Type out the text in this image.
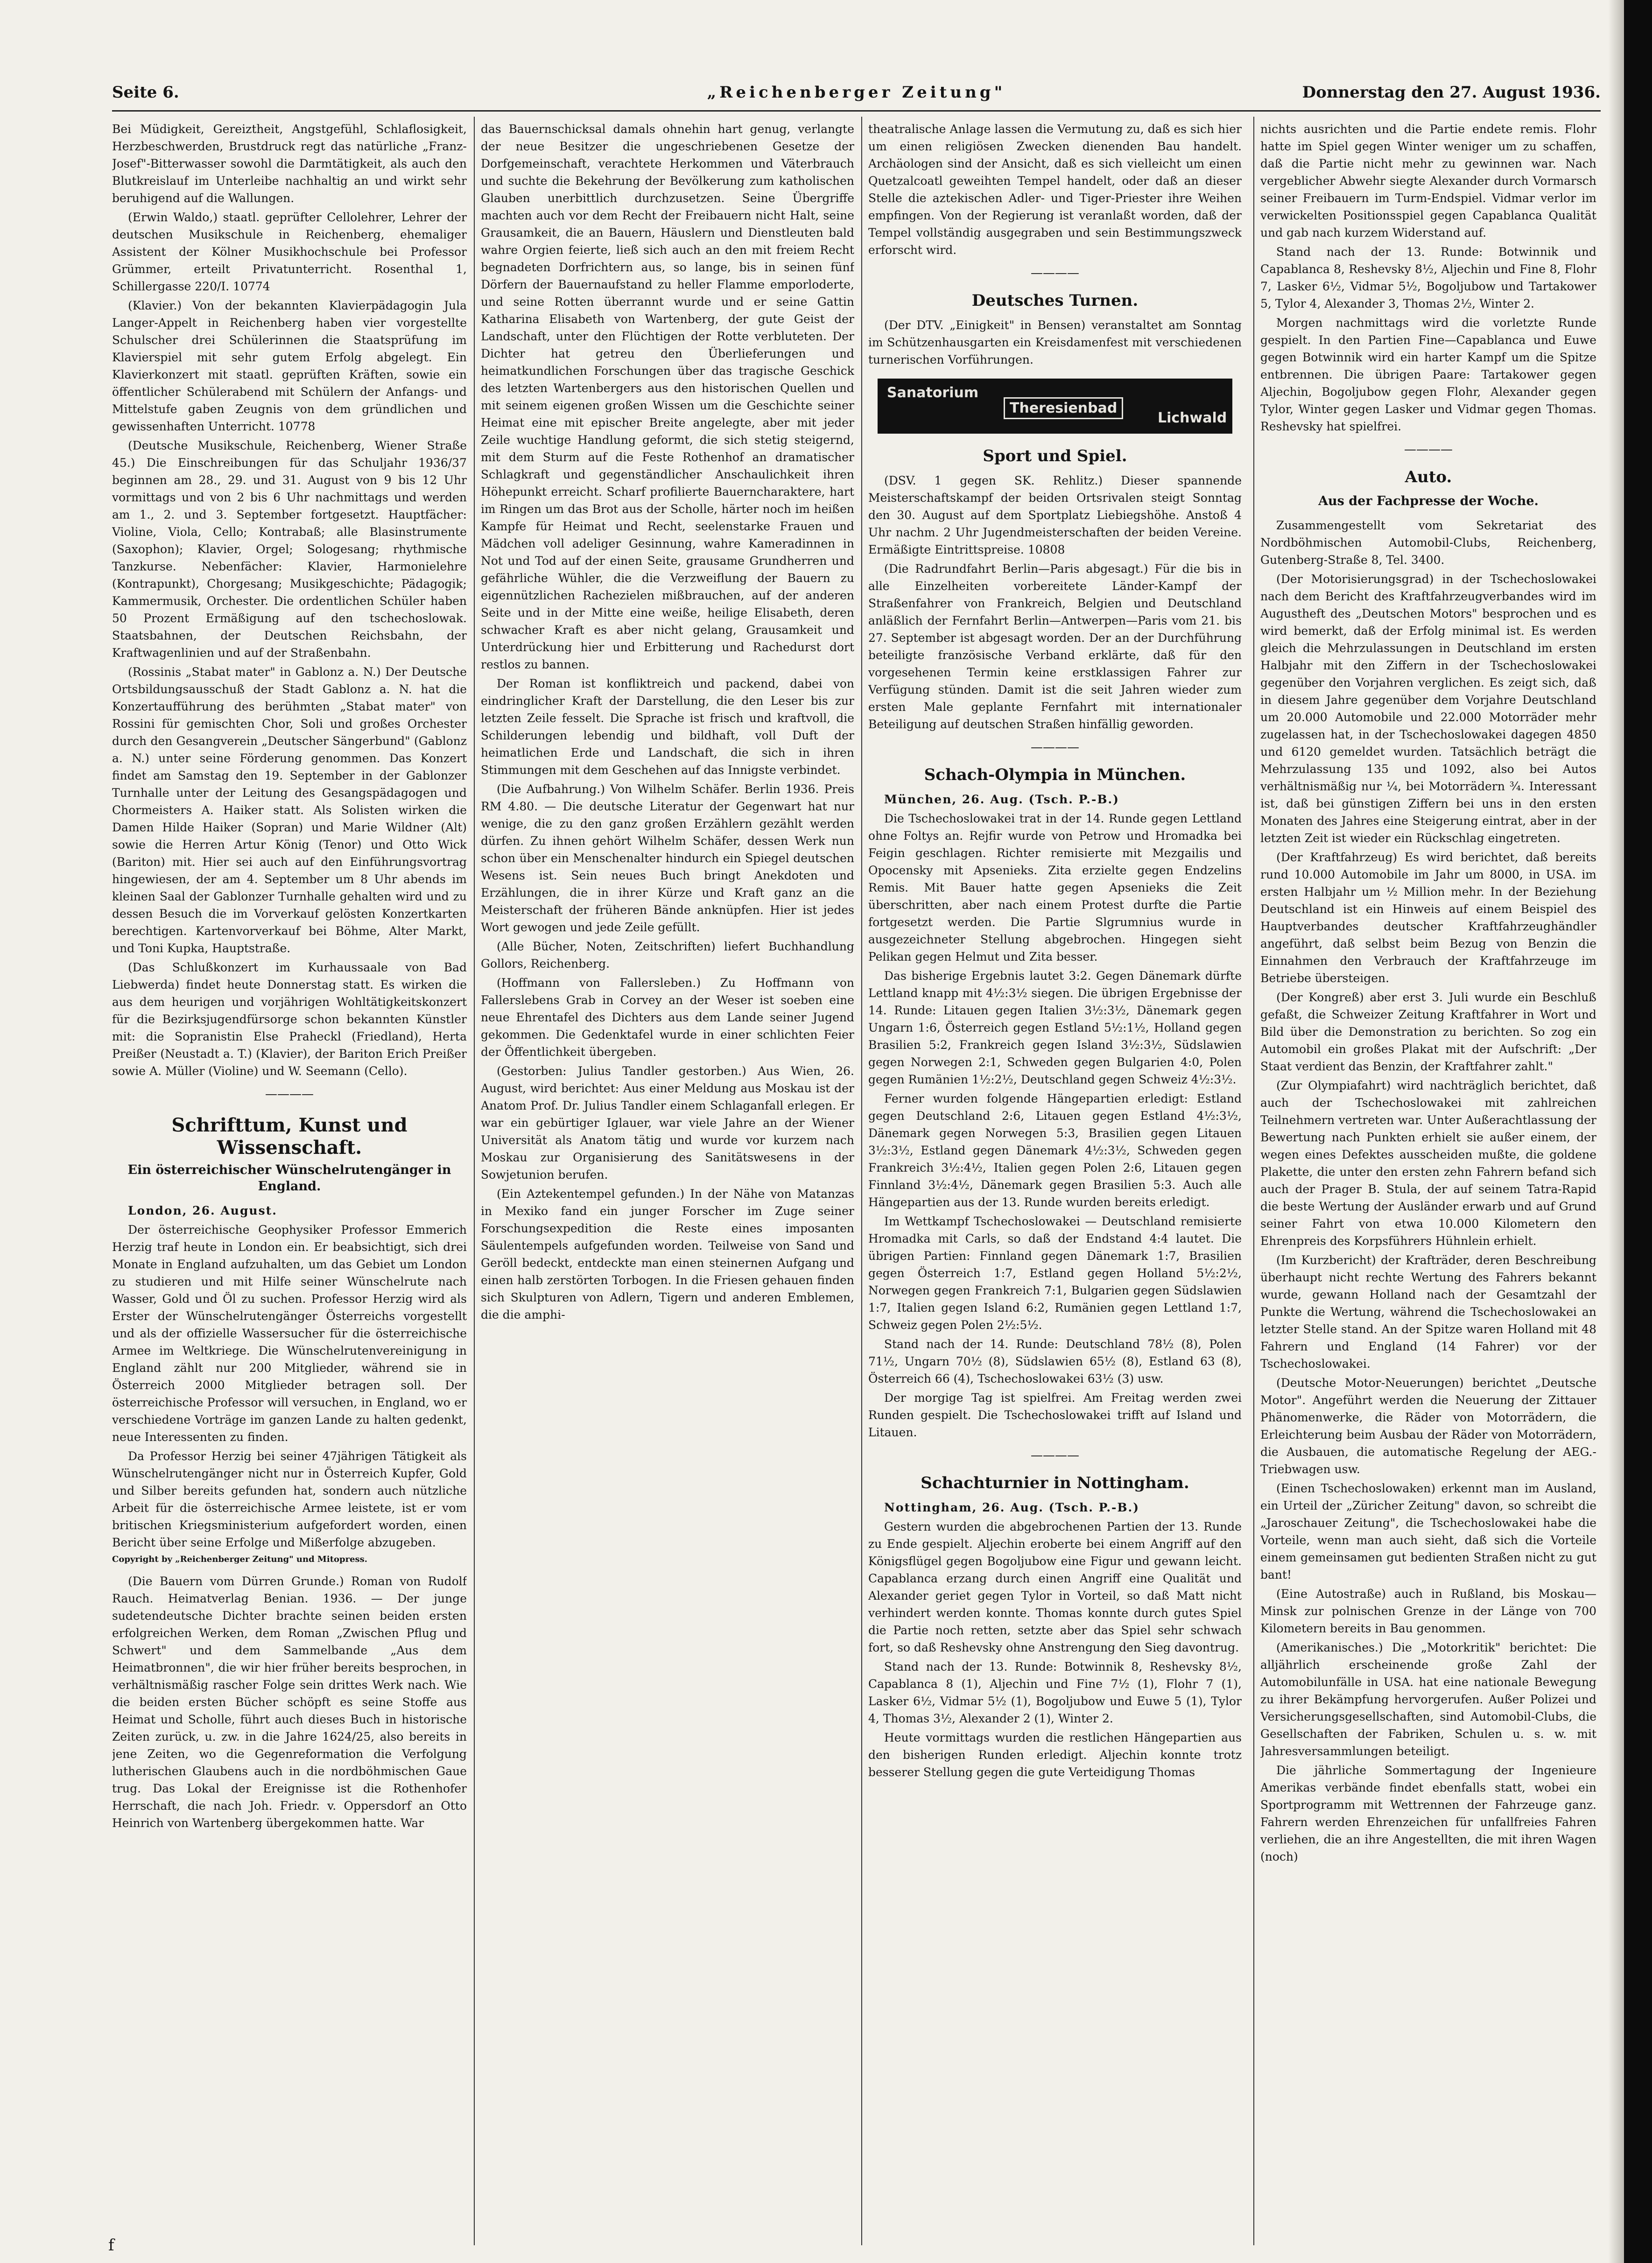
Seite 6.	„Reichenberger Zeitung"	Donnerstag den 27. August 1936.

Bei Müdigkeit, Gereiztheit, Angstgefühl, Schlaflosigkeit, Herzbeschwerden, Brustdruck regt das natürliche „Franz-Josef"-Bitterwasser sowohl die Darmtätigkeit, als auch den Blutkreislauf im Unterleibe nachhaltig an und wirkt sehr beruhigend auf die Wallungen.

(Erwin Waldo,) staatl. geprüfter Cellolehrer, Lehrer der deutschen Musikschule in Reichenberg, ehemaliger Assistent der Kölner Musikhochschule bei Professor Grümmer, erteilt Privatunterricht. Rosenthal 1, Schillergasse 220/I. 10774

(Klavier.) Von der bekannten Klavierpädagogin Jula Langer-Appelt in Reichenberg haben vier vorgestellte Schulscher drei Schülerinnen die Staatsprüfung im Klavierspiel mit sehr gutem Erfolg abgelegt. Ein Klavierkonzert mit staatl. geprüften Kräften, sowie ein öffentlicher Schülerabend mit Schülern der Anfangs- und Mittelstufe gaben Zeugnis von dem gründlichen und gewissenhaften Unterricht. 10778

(Deutsche Musikschule, Reichenberg, Wiener Straße 45.) Die Einschreibungen für das Schuljahr 1936/37 beginnen am 28., 29. und 31. August von 9 bis 12 Uhr vormittags und von 2 bis 6 Uhr nachmittags und werden am 1., 2. und 3. September fortgesetzt. Hauptfächer: Violine, Viola, Cello; Kontrabaß; alle Blasinstrumente (Saxophon); Klavier, Orgel; Sologesang; rhythmische Tanzkurse. Nebenfächer: Klavier, Harmonielehre (Kontrapunkt), Chorgesang; Musikgeschichte; Pädagogik; Kammermusik, Orchester. Die ordentlichen Schüler haben 50 Prozent Ermäßigung auf den tschechoslowak. Staatsbahnen, der Deutschen Reichsbahn, der Kraftwagenlinien und auf der Straßenbahn.

(Rossinis „Stabat mater" in Gablonz a. N.) Der Deutsche Ortsbildungsausschuß der Stadt Gablonz a. N. hat die Konzertaufführung des berühmten „Stabat mater" von Rossini für gemischten Chor, Soli und großes Orchester durch den Gesangverein „Deutscher Sängerbund" (Gablonz a. N.) unter seine Förderung genommen. Das Konzert findet am Samstag den 19. September in der Gablonzer Turnhalle unter der Leitung des Gesangspädagogen und Chormeisters A. Haiker statt. Als Solisten wirken die Damen Hilde Haiker (Sopran) und Marie Wildner (Alt) sowie die Herren Artur König (Tenor) und Otto Wick (Bariton) mit. Hier sei auch auf den Einführungsvortrag hingewiesen, der am 4. September um 8 Uhr abends im kleinen Saal der Gablonzer Turnhalle gehalten wird und zu dessen Besuch die im Vorverkauf gelösten Konzertkarten berechtigen. Kartenvorverkauf bei Böhme, Alter Markt, und Toni Kupka, Hauptstraße.

(Das Schlußkonzert im Kurhaussaale von Bad Liebwerda) findet heute Donnerstag statt. Es wirken die aus dem heurigen und vorjährigen Wohltätigkeitskonzert für die Bezirksjugendfürsorge schon bekannten Künstler mit: die Sopranistin Else Praheckl (Friedland), Herta Preißer (Neustadt a. T.) (Klavier), der Bariton Erich Preißer sowie A. Müller (Violine) und W. Seemann (Cello).

————
Schrifttum, Kunst und Wissenschaft.
Ein österreichischer Wünschelrutengänger in England.

London, 26. August.

Der österreichische Geophysiker Professor Emmerich Herzig traf heute in London ein. Er beabsichtigt, sich drei Monate in England aufzuhalten, um das Gebiet um London zu studieren und mit Hilfe seiner Wünschelrute nach Wasser, Gold und Öl zu suchen. Professor Herzig wird als Erster der Wünschelrutengänger Österreichs vorgestellt und als der offizielle Wassersucher für die österreichische Armee im Weltkriege. Die Wünschelrutenvereinigung in England zählt nur 200 Mitglieder, während sie in Österreich 2000 Mitglieder betragen soll. Der österreichische Professor will versuchen, in England, wo er verschiedene Vorträge im ganzen Lande zu halten gedenkt, neue Interessenten zu finden.

Da Professor Herzig bei seiner 47jährigen Tätigkeit als Wünschelrutengänger nicht nur in Österreich Kupfer, Gold und Silber bereits gefunden hat, sondern auch nützliche Arbeit für die österreichische Armee leistete, ist er vom britischen Kriegsministerium aufgefordert worden, einen Bericht über seine Erfolge und Mißerfolge abzugeben.

Copyright by „Reichenberger Zeitung" und Mitopress.

(Die Bauern vom Dürren Grunde.) Roman von Rudolf Rauch. Heimatverlag Benian. 1936. — Der junge sudetendeutsche Dichter brachte seinen beiden ersten erfolgreichen Werken, dem Roman „Zwischen Pflug und Schwert" und dem Sammelbande „Aus dem Heimatbronnen", die wir hier früher bereits besprochen, in verhältnismäßig rascher Folge sein drittes Werk nach. Wie die beiden ersten Bücher schöpft es seine Stoffe aus Heimat und Scholle, führt auch dieses Buch in historische Zeiten zurück, u. zw. in die Jahre 1624/25, also bereits in jene Zeiten, wo die Gegenreformation die Verfolgung lutherischen Glaubens auch in die nordböhmischen Gaue trug. Das Lokal der Ereignisse ist die Rothenhofer Herrschaft, die nach Joh. Friedr. v. Oppersdorf an Otto Heinrich von Wartenberg übergekommen hatte. War

das Bauernschicksal damals ohnehin hart genug, verlangte der neue Besitzer die ungeschriebenen Gesetze der Dorfgemeinschaft, verachtete Herkommen und Väterbrauch und suchte die Bekehrung der Bevölkerung zum katholischen Glauben unerbittlich durchzusetzen. Seine Übergriffe machten auch vor dem Recht der Freibauern nicht Halt, seine Grausamkeit, die an Bauern, Häuslern und Dienstleuten bald wahre Orgien feierte, ließ sich auch an den mit freiem Recht begnadeten Dorfrichtern aus, so lange, bis in seinen fünf Dörfern der Bauernaufstand zu heller Flamme emporloderte, und seine Rotten überrannt wurde und er seine Gattin Katharina Elisabeth von Wartenberg, der gute Geist der Landschaft, unter den Flüchtigen der Rotte verbluteten. Der Dichter hat getreu den Überlieferungen und heimatkundlichen Forschungen über das tragische Geschick des letzten Wartenbergers aus den historischen Quellen und mit seinem eigenen großen Wissen um die Geschichte seiner Heimat eine mit epischer Breite angelegte, aber mit jeder Zeile wuchtige Handlung geformt, die sich stetig steigernd, mit dem Sturm auf die Feste Rothenhof an dramatischer Schlagkraft und gegenständlicher Anschaulichkeit ihren Höhepunkt erreicht. Scharf profilierte Bauerncharaktere, hart im Ringen um das Brot aus der Scholle, härter noch im heißen Kampfe für Heimat und Recht, seelenstarke Frauen und Mädchen voll adeliger Gesinnung, wahre Kameradinnen in Not und Tod auf der einen Seite, grausame Grundherren und gefährliche Wühler, die die Verzweiflung der Bauern zu eigennützlichen Rachezielen mißbrauchen, auf der anderen Seite und in der Mitte eine weiße, heilige Elisabeth, deren schwacher Kraft es aber nicht gelang, Grausamkeit und Unterdrückung hier und Erbitterung und Rachedurst dort restlos zu bannen.

Der Roman ist konfliktreich und packend, dabei von eindringlicher Kraft der Darstellung, die den Leser bis zur letzten Zeile fesselt. Die Sprache ist frisch und kraftvoll, die Schilderungen lebendig und bildhaft, voll Duft der heimatlichen Erde und Landschaft, die sich in ihren Stimmungen mit dem Geschehen auf das Innigste verbindet.

(Die Aufbahrung.) Von Wilhelm Schäfer. Berlin 1936. Preis RM 4.80. — Die deutsche Literatur der Gegenwart hat nur wenige, die zu den ganz großen Erzählern gezählt werden dürfen. Zu ihnen gehört Wilhelm Schäfer, dessen Werk nun schon über ein Menschenalter hindurch ein Spiegel deutschen Wesens ist. Sein neues Buch bringt Anekdoten und Erzählungen, die in ihrer Kürze und Kraft ganz an die Meisterschaft der früheren Bände anknüpfen. Hier ist jedes Wort gewogen und jede Zeile gefüllt.

(Alle Bücher, Noten, Zeitschriften) liefert Buchhandlung Gollors, Reichenberg.

(Hoffmann von Fallersleben.) Zu Hoffmann von Fallerslebens Grab in Corvey an der Weser ist soeben eine neue Ehrentafel des Dichters aus dem Lande seiner Jugend gekommen. Die Gedenktafel wurde in einer schlichten Feier der Öffentlichkeit übergeben.

(Gestorben: Julius Tandler gestorben.) Aus Wien, 26. August, wird berichtet: Aus einer Meldung aus Moskau ist der Anatom Prof. Dr. Julius Tandler einem Schlaganfall erlegen. Er war ein gebürtiger Iglauer, war viele Jahre an der Wiener Universität als Anatom tätig und wurde vor kurzem nach Moskau zur Organisierung des Sanitätswesens in der Sowjetunion berufen.

(Ein Aztekentempel gefunden.) In der Nähe von Matanzas in Mexiko fand ein junger Forscher im Zuge seiner Forschungsexpedition die Reste eines imposanten Säulentempels aufgefunden worden. Teilweise von Sand und Geröll bedeckt, entdeckte man einen steinernen Aufgang und einen halb zerstörten Torbogen. In die Friesen gehauen finden sich Skulpturen von Adlern, Tigern und anderen Emblemen, die die amphi-

theatralische Anlage lassen die Vermutung zu, daß es sich hier um einen religiösen Zwecken dienenden Bau handelt. Archäologen sind der Ansicht, daß es sich vielleicht um einen Quetzalcoatl geweihten Tempel handelt, oder daß an dieser Stelle die aztekischen Adler- und Tiger-Priester ihre Weihen empfingen. Von der Regierung ist veranlaßt worden, daß der Tempel vollständig ausgegraben und sein Bestimmungszweck erforscht wird.

————
Deutsches Turnen.

(Der DTV. „Einigkeit" in Bensen) veranstaltet am Sonntag im Schützenhausgarten ein Kreisdamenfest mit verschiedenen turnerischen Vorführungen.

Sanatorium
Theresienbad
Lichwald
Sport und Spiel.

(DSV. 1 gegen SK. Rehlitz.) Dieser spannende Meisterschaftskampf der beiden Ortsrivalen steigt Sonntag den 30. August auf dem Sportplatz Liebiegshöhe. Anstoß 4 Uhr nachm. 2 Uhr Jugendmeisterschaften der beiden Vereine. Ermäßigte Eintrittspreise. 10808

(Die Radrundfahrt Berlin—Paris abgesagt.) Für die bis in alle Einzelheiten vorbereitete Länder-Kampf der Straßenfahrer von Frankreich, Belgien und Deutschland anläßlich der Fernfahrt Berlin—Antwerpen—Paris vom 21. bis 27. September ist abgesagt worden. Der an der Durchführung beteiligte französische Verband erklärte, daß für den vorgesehenen Termin keine erstklassigen Fahrer zur Verfügung stünden. Damit ist die seit Jahren wieder zum ersten Male geplante Fernfahrt mit internationaler Beteiligung auf deutschen Straßen hinfällig geworden.

————
Schach-Olympia in München.

München, 26. Aug. (Tsch. P.-B.)

Die Tschechoslowakei trat in der 14. Runde gegen Lettland ohne Foltys an. Rejfir wurde von Petrow und Hromadka bei Feigin geschlagen. Richter remisierte mit Mezgailis und Opocensky mit Apsenieks. Zita erzielte gegen Endzelins Remis. Mit Bauer hatte gegen Apsenieks die Zeit überschritten, aber nach einem Protest durfte die Partie fortgesetzt werden. Die Partie Slgrumnius wurde in ausgezeichneter Stellung abgebrochen. Hingegen sieht Pelikan gegen Helmut und Zita besser.

Das bisherige Ergebnis lautet 3:2. Gegen Dänemark dürfte Lettland knapp mit 4½:3½ siegen. Die übrigen Ergebnisse der 14. Runde: Litauen gegen Italien 3½:3½, Dänemark gegen Ungarn 1:6, Österreich gegen Estland 5½:1½, Holland gegen Brasilien 5:2, Frankreich gegen Island 3½:3½, Südslawien gegen Norwegen 2:1, Schweden gegen Bulgarien 4:0, Polen gegen Rumänien 1½:2½, Deutschland gegen Schweiz 4½:3½.

Ferner wurden folgende Hängepartien erledigt: Estland gegen Deutschland 2:6, Litauen gegen Estland 4½:3½, Dänemark gegen Norwegen 5:3, Brasilien gegen Litauen 3½:3½, Estland gegen Dänemark 4½:3½, Schweden gegen Frankreich 3½:4½, Italien gegen Polen 2:6, Litauen gegen Finnland 3½:4½, Dänemark gegen Brasilien 5:3. Auch alle Hängepartien aus der 13. Runde wurden bereits erledigt.

Im Wettkampf Tschechoslowakei — Deutschland remisierte Hromadka mit Carls, so daß der Endstand 4:4 lautet. Die übrigen Partien: Finnland gegen Dänemark 1:7, Brasilien gegen Österreich 1:7, Estland gegen Holland 5½:2½, Norwegen gegen Frankreich 7:1, Bulgarien gegen Südslawien 1:7, Italien gegen Island 6:2, Rumänien gegen Lettland 1:7, Schweiz gegen Polen 2½:5½.

Stand nach der 14. Runde: Deutschland 78½ (8), Polen 71½, Ungarn 70½ (8), Südslawien 65½ (8), Estland 63 (8), Österreich 66 (4), Tschechoslowakei 63½ (3) usw.

Der morgige Tag ist spielfrei. Am Freitag werden zwei Runden gespielt. Die Tschechoslowakei trifft auf Island und Litauen.

————
Schachturnier in Nottingham.

Nottingham, 26. Aug. (Tsch. P.-B.)

Gestern wurden die abgebrochenen Partien der 13. Runde zu Ende gespielt. Aljechin eroberte bei einem Angriff auf den Königsflügel gegen Bogoljubow eine Figur und gewann leicht. Capablanca erzang durch einen Angriff eine Qualität und Alexander geriet gegen Tylor in Vorteil, so daß Matt nicht verhindert werden konnte. Thomas konnte durch gutes Spiel die Partie noch retten, setzte aber das Spiel sehr schwach fort, so daß Reshevsky ohne Anstrengung den Sieg davontrug.

Stand nach der 13. Runde: Botwinnik 8, Reshevsky 8½, Capablanca 8 (1), Aljechin und Fine 7½ (1), Flohr 7 (1), Lasker 6½, Vidmar 5½ (1), Bogoljubow und Euwe 5 (1), Tylor 4, Thomas 3½, Alexander 2 (1), Winter 2.

Heute vormittags wurden die restlichen Hängepartien aus den bisherigen Runden erledigt. Aljechin konnte trotz besserer Stellung gegen die gute Verteidigung Thomas

nichts ausrichten und die Partie endete remis. Flohr hatte im Spiel gegen Winter weniger um zu schaffen, daß die Partie nicht mehr zu gewinnen war. Nach vergeblicher Abwehr siegte Alexander durch Vormarsch seiner Freibauern im Turm-Endspiel. Vidmar verlor im verwickelten Positionsspiel gegen Capablanca Qualität und gab nach kurzem Widerstand auf.

Stand nach der 13. Runde: Botwinnik und Capablanca 8, Reshevsky 8½, Aljechin und Fine 8, Flohr 7, Lasker 6½, Vidmar 5½, Bogoljubow und Tartakower 5, Tylor 4, Alexander 3, Thomas 2½, Winter 2.

Morgen nachmittags wird die vorletzte Runde gespielt. In den Partien Fine—Capablanca und Euwe gegen Botwinnik wird ein harter Kampf um die Spitze entbrennen. Die übrigen Paare: Tartakower gegen Aljechin, Bogoljubow gegen Flohr, Alexander gegen Tylor, Winter gegen Lasker und Vidmar gegen Thomas. Reshevsky hat spielfrei.

————
Auto.
Aus der Fachpresse der Woche.

Zusammengestellt vom Sekretariat des Nordböhmischen Automobil-Clubs, Reichenberg, Gutenberg-Straße 8, Tel. 3400.

(Der Motorisierungsgrad) in der Tschechoslowakei nach dem Bericht des Kraftfahrzeugverbandes wird im Augustheft des „Deutschen Motors" besprochen und es wird bemerkt, daß der Erfolg minimal ist. Es werden gleich die Mehrzulassungen in Deutschland im ersten Halbjahr mit den Ziffern in der Tschechoslowakei gegenüber den Vorjahren verglichen. Es zeigt sich, daß in diesem Jahre gegenüber dem Vorjahre Deutschland um 20.000 Automobile und 22.000 Motorräder mehr zugelassen hat, in der Tschechoslowakei dagegen 4850 und 6120 gemeldet wurden. Tatsächlich beträgt die Mehrzulassung 135 und 1092, also bei Autos verhältnismäßig nur ¼, bei Motorrädern ¾. Interessant ist, daß bei günstigen Ziffern bei uns in den ersten Monaten des Jahres eine Steigerung eintrat, aber in der letzten Zeit ist wieder ein Rückschlag eingetreten.

(Der Kraftfahrzeug) Es wird berichtet, daß bereits rund 10.000 Automobile im Jahr um 8000, in USA. im ersten Halbjahr um ½ Million mehr. In der Beziehung Deutschland ist ein Hinweis auf einem Beispiel des Hauptverbandes deutscher Kraftfahrzeughändler angeführt, daß selbst beim Bezug von Benzin die Einnahmen den Verbrauch der Kraftfahrzeuge im Betriebe übersteigen.

(Der Kongreß) aber erst 3. Juli wurde ein Beschluß gefaßt, die Schweizer Zeitung Kraftfahrer in Wort und Bild über die Demonstration zu berichten. So zog ein Automobil ein großes Plakat mit der Aufschrift: „Der Staat verdient das Benzin, der Kraftfahrer zahlt."

(Zur Olympiafahrt) wird nachträglich berichtet, daß auch der Tschechoslowakei mit zahlreichen Teilnehmern vertreten war. Unter Außerachtlassung der Bewertung nach Punkten erhielt sie außer einem, der wegen eines Defektes ausscheiden mußte, die goldene Plakette, die unter den ersten zehn Fahrern befand sich auch der Prager B. Stula, der auf seinem Tatra-Rapid die beste Wertung der Ausländer erwarb und auf Grund seiner Fahrt von etwa 10.000 Kilometern den Ehrenpreis des Korpsführers Hühnlein erhielt.

(Im Kurzbericht) der Krafträder, deren Beschreibung überhaupt nicht rechte Wertung des Fahrers bekannt wurde, gewann Holland nach der Gesamtzahl der Punkte die Wertung, während die Tschechoslowakei an letzter Stelle stand. An der Spitze waren Holland mit 48 Fahrern und England (14 Fahrer) vor der Tschechoslowakei.

(Deutsche Motor-Neuerungen) berichtet „Deutsche Motor". Angeführt werden die Neuerung der Zittauer Phänomenwerke, die Räder von Motorrädern, die Erleichterung beim Ausbau der Räder von Motorrädern, die Ausbauen, die automatische Regelung der AEG.-Triebwagen usw.

(Einen Tschechoslowaken) erkennt man im Ausland, ein Urteil der „Züricher Zeitung" davon, so schreibt die „Jaroschauer Zeitung", die Tschechoslowakei habe die Vorteile, wenn man auch sieht, daß sich die Vorteile einem gemeinsamen gut bedienten Straßen nicht zu gut bant!

(Eine Autostraße) auch in Rußland, bis Moskau—Minsk zur polnischen Grenze in der Länge von 700 Kilometern bereits in Bau genommen.

(Amerikanisches.) Die „Motorkritik" berichtet: Die alljährlich erscheinende große Zahl der Automobilunfälle in USA. hat eine nationale Bewegung zu ihrer Bekämpfung hervorgerufen. Außer Polizei und Versicherungsgesellschaften, sind Automobil-Clubs, die Gesellschaften der Fabriken, Schulen u. s. w. mit Jahresversammlungen beteiligt.

Die jährliche Sommertagung der Ingenieure Amerikas verbände findet ebenfalls statt, wobei ein Sportprogramm mit Wettrennen der Fahrzeuge ganz. Fahrern werden Ehrenzeichen für unfallfreies Fahren verliehen, die an ihre Angestellten, die mit ihren Wagen (noch)

f
